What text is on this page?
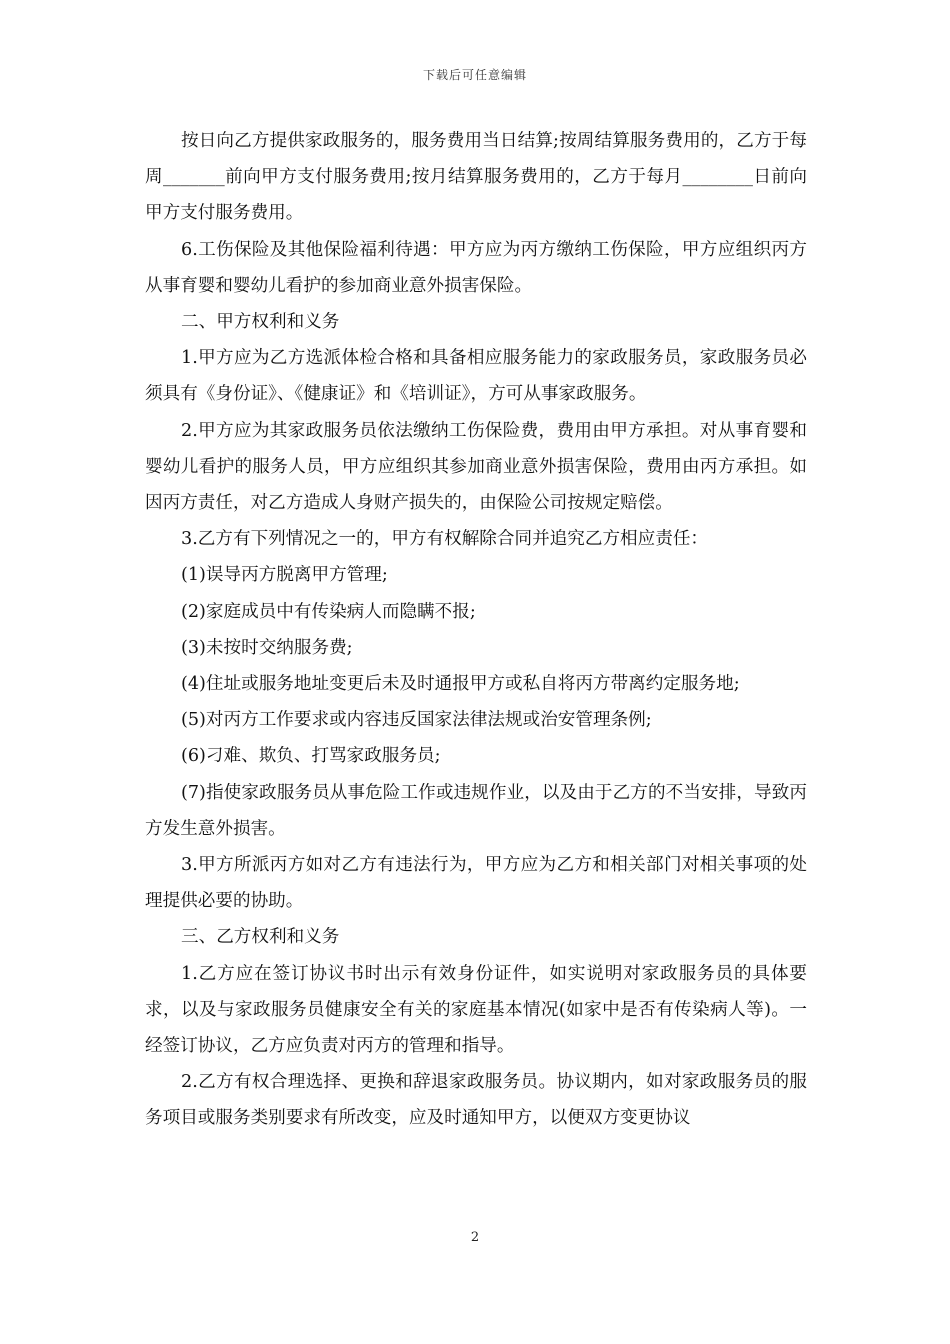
下载后可任意编辑

按日向乙方提供家政服务的，服务费用当日结算;按周结算服务费用的，乙方于每周_______前向甲方支付服务费用;按月结算服务费用的，乙方于每月________日前向甲方支付服务费用。

6.工伤保险及其他保险福利待遇：甲方应为丙方缴纳工伤保险，甲方应组织丙方从事育婴和婴幼儿看护的参加商业意外损害保险。

二、甲方权利和义务

1.甲方应为乙方选派体检合格和具备相应服务能力的家政服务员，家政服务员必须具有《身份证》、《健康证》和《培训证》，方可从事家政服务。

2.甲方应为其家政服务员依法缴纳工伤保险费，费用由甲方承担。对从事育婴和婴幼儿看护的服务人员，甲方应组织其参加商业意外损害保险，费用由丙方承担。如因丙方责任，对乙方造成人身财产损失的，由保险公司按规定赔偿。

3.乙方有下列情况之一的，甲方有权解除合同并追究乙方相应责任：

(1)误导丙方脱离甲方管理;

(2)家庭成员中有传染病人而隐瞒不报;

(3)未按时交纳服务费;

(4)住址或服务地址变更后未及时通报甲方或私自将丙方带离约定服务地;

(5)对丙方工作要求或内容违反国家法律法规或治安管理条例;

(6)刁难、欺负、打骂家政服务员;

(7)指使家政服务员从事危险工作或违规作业，以及由于乙方的不当安排，导致丙方发生意外损害。

3.甲方所派丙方如对乙方有违法行为，甲方应为乙方和相关部门对相关事项的处理提供必要的协助。

三、乙方权利和义务

1.乙方应在签订协议书时出示有效身份证件，如实说明对家政服务员的具体要求，以及与家政服务员健康安全有关的家庭基本情况(如家中是否有传染病人等)。一经签订协议，乙方应负责对丙方的管理和指导。

2.乙方有权合理选择、更换和辞退家政服务员。协议期内，如对家政服务员的服务项目或服务类别要求有所改变，应及时通知甲方，以便双方变更协议

2
